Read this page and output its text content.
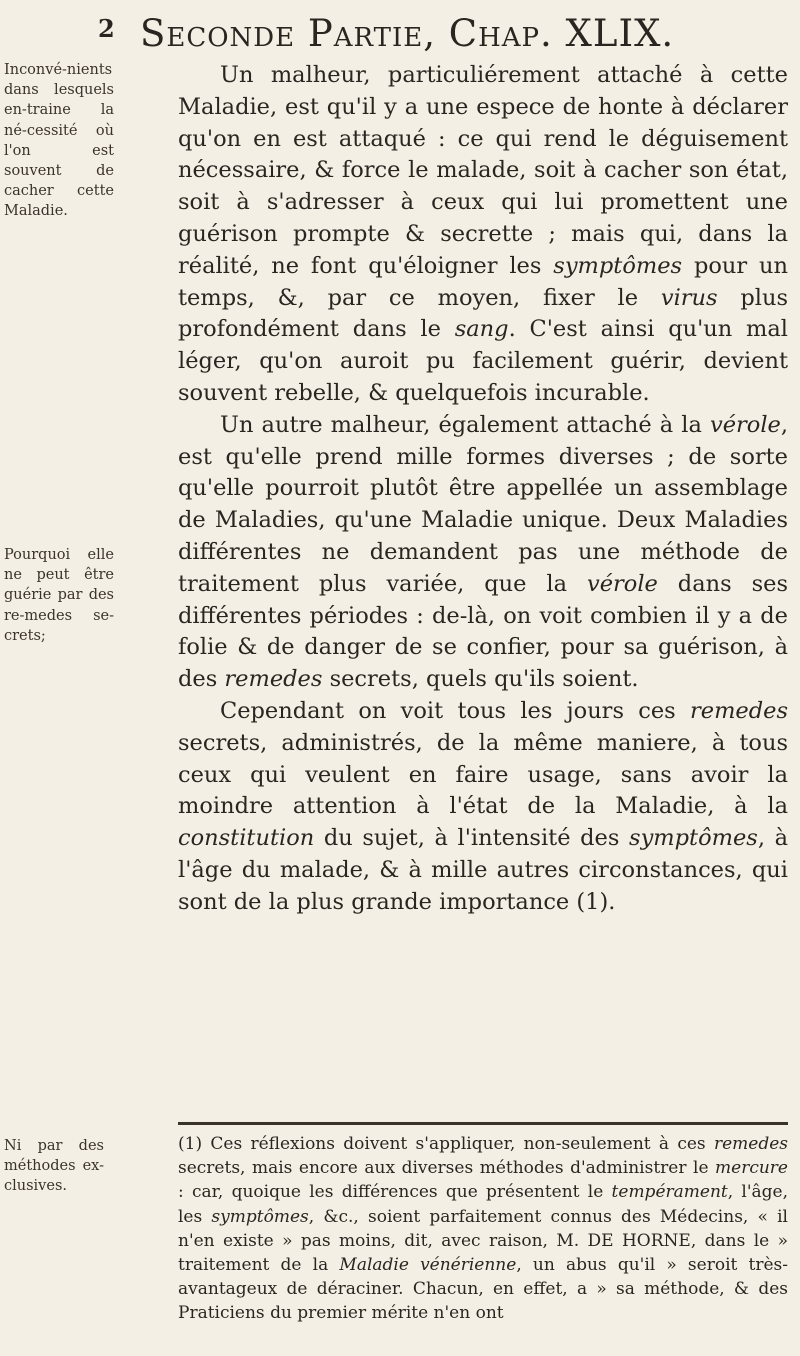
2 Seconde Partie, Chap. XLIX.
Inconvé-nients dans lesquels en-traine la né-cessité où l'on est souvent de cacher cette Maladie.
Pourquoi elle ne peut être guérie par des re-medes se-crets;
Ni par des méthodes ex-clusives.

Un malheur, particuliérement attaché à cette Maladie, est qu'il y a une espece de honte à déclarer qu'on en est attaqué : ce qui rend le déguisement nécessaire, & force le malade, soit à cacher son état, soit à s'adresser à ceux qui lui promettent une guérison prompte & secrette ; mais qui, dans la réalité, ne font qu'éloigner les symptômes pour un temps, &, par ce moyen, fixer le virus plus profondément dans le sang. C'est ainsi qu'un mal léger, qu'on auroit pu facilement guérir, devient souvent rebelle, & quelquefois incurable.

Un autre malheur, également attaché à la vérole, est qu'elle prend mille formes diverses ; de sorte qu'elle pourroit plutôt être appellée un assemblage de Maladies, qu'une Maladie unique. Deux Maladies différentes ne demandent pas une méthode de traitement plus variée, que la vérole dans ses différentes périodes : de-là, on voit combien il y a de folie & de danger de se confier, pour sa guérison, à des remedes secrets, quels qu'ils soient.

Cependant on voit tous les jours ces remedes secrets, administrés, de la même maniere, à tous ceux qui veulent en faire usage, sans avoir la moindre attention à l'état de la Maladie, à la constitution du sujet, à l'intensité des symptômes, à l'âge du malade, & à mille autres circonstances, qui sont de la plus grande importance (1).

(1) Ces réflexions doivent s'appliquer, non-seulement à ces remedes secrets, mais encore aux diverses méthodes d'administrer le mercure : car, quoique les différences que présentent le tempérament, l'âge, les symptômes, &c., soient parfaitement connus des Médecins, « il n'en existe » pas moins, dit, avec raison, M. DE HORNE, dans le » traitement de la Maladie vénérienne, un abus qu'il » seroit très-avantageux de déraciner. Chacun, en effet, a » sa méthode, & des Praticiens du premier mérite n'en ont
